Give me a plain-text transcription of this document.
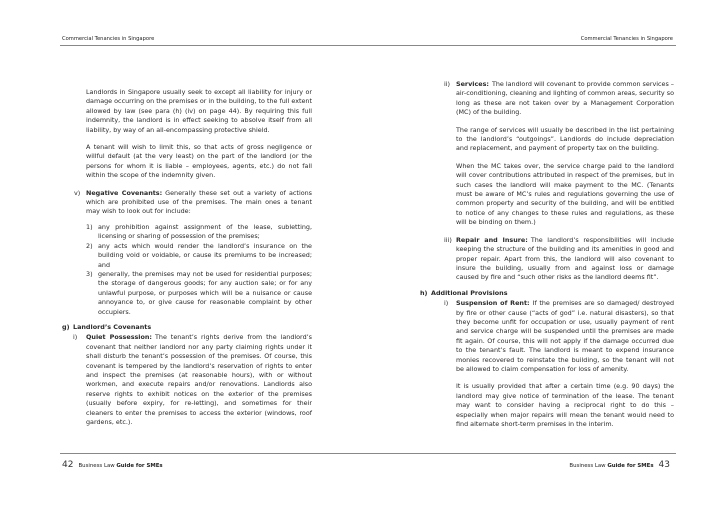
Commercial Tenancies in Singapore

Landlords in Singapore usually seek to except all liability for injury or damage occurring on the premises or in the building, to the full extent allowed by law (see para (h) (iv) on page 44). By requiring this full indemnity, the landlord is in effect seeking to absolve itself from all liability, by way of an all-encompassing protective shield.

A tenant will wish to limit this, so that acts of gross negligence or willful default (at the very least) on the part of the landlord (or the persons for whom it is liable – employees, agents, etc.) do not fall within the scope of the indemnity given.

v) Negative Covenants: Generally these set out a variety of actions which are prohibited use of the premises. The main ones a tenant may wish to look out for include:

1) any prohibition against assignment of the lease, subletting, licensing or sharing of possession of the premises;

2) any acts which would render the landlord’s insurance on the building void or voidable, or cause its premiums to be increased; and

3) generally, the premises may not be used for residential purposes; the storage of dangerous goods; for any auction sale; or for any unlawful purpose, or purposes which will be a nuisance or cause annoyance to, or give cause for reasonable complaint by other occupiers.

g) Landlord’s Covenants

i) Quiet Possession: The tenant’s rights derive from the landlord’s covenant that neither landlord nor any party claiming rights under it shall disturb the tenant’s possession of the premises. Of course, this covenant is tempered by the landlord’s reservation of rights to enter and inspect the premises (at reasonable hours), with or without workmen, and execute repairs and/or renovations. Landlords also reserve rights to exhibit notices on the exterior of the premises (usually before expiry, for re-letting), and sometimes for their cleaners to enter the premises to access the exterior (windows, roof gardens, etc.).

42 Business Law
Guide for SMEs
Commercial Tenancies in Singapore

ii) Services: The landlord will covenant to provide common services – air-conditioning, cleaning and lighting of common areas, security so long as these are not taken over by a Management Corporation (MC) of the building.

The range of services will usually be described in the list pertaining to the landlord’s “outgoings”. Landlords do include depreciation and replacement, and payment of property tax on the building.

When the MC takes over, the service charge paid to the landlord will cover contributions attributed in respect of the premises, but in such cases the landlord will make payment to the MC. (Tenants must be aware of MC’s rules and regulations governing the use of common property and security of the building, and will be entitled to notice of any changes to these rules and regulations, as these will be binding on them.)

iii) Repair and Insure: The landlord’s responsibilities will include keeping the structure of the building and its amenities in good and proper repair. Apart from this, the landlord will also covenant to insure the building, usually from and against loss or damage caused by fire and “such other risks as the landlord deems fit”.

h) Additional Provisions

i) Suspension of Rent: If the premises are so damaged/ destroyed by fire or other cause (“acts of god” i.e. natural disasters), so that they become unfit for occupation or use, usually payment of rent and service charge will be suspended until the premises are made fit again. Of course, this will not apply if the damage occurred due to the tenant’s fault. The landlord is meant to expend insurance monies recovered to reinstate the building, so the tenant will not be allowed to claim compensation for loss of amenity.

It is usually provided that after a certain time (e.g. 90 days) the landlord may give notice of termination of the lease. The tenant may want to consider having a reciprocal right to do this – especially when major repairs will mean the tenant would need to find alternate short-term premises in the interim.

Business Law
Guide for SMEs 43
